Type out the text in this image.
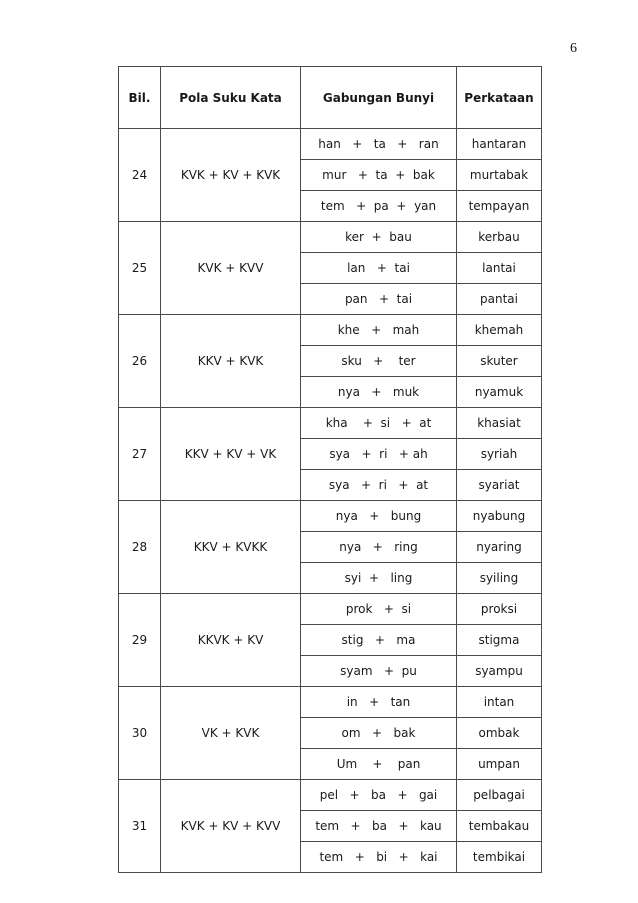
6
Bil.	Pola Suku Kata	Gabungan Bunyi	Perkataan
24	KVK + KV + KVK	han   +   ta   +   ran	hantaran
		mur   +  ta  +  bak	murtabak
		tem   +  pa  +  yan	tempayan
25	KVK + KVV	ker  +  bau	kerbau
		lan   +  tai	lantai
		pan   +  tai	pantai
26	KKV + KVK	khe   +   mah	khemah
		sku   +    ter	skuter
		nya   +   muk	nyamuk
27	KKV + KV + VK	kha    +  si   +  at	khasiat
		sya   +  ri   + ah	syriah
		sya   +  ri   +  at	syariat
28	KKV + KVKK	nya   +   bung	nyabung
		nya   +   ring	nyaring
		syi  +   ling	syiling
29	KKVK + KV	prok   +  si	proksi
		stig   +   ma	stigma
		syam   +  pu	syampu
30	VK + KVK	in   +   tan	intan
		om   +   bak	ombak
		Um    +    pan	umpan
31	KVK + KV + KVV	pel   +   ba   +   gai	pelbagai
		tem   +   ba   +   kau	tembakau
		tem   +   bi   +   kai	tembikai
